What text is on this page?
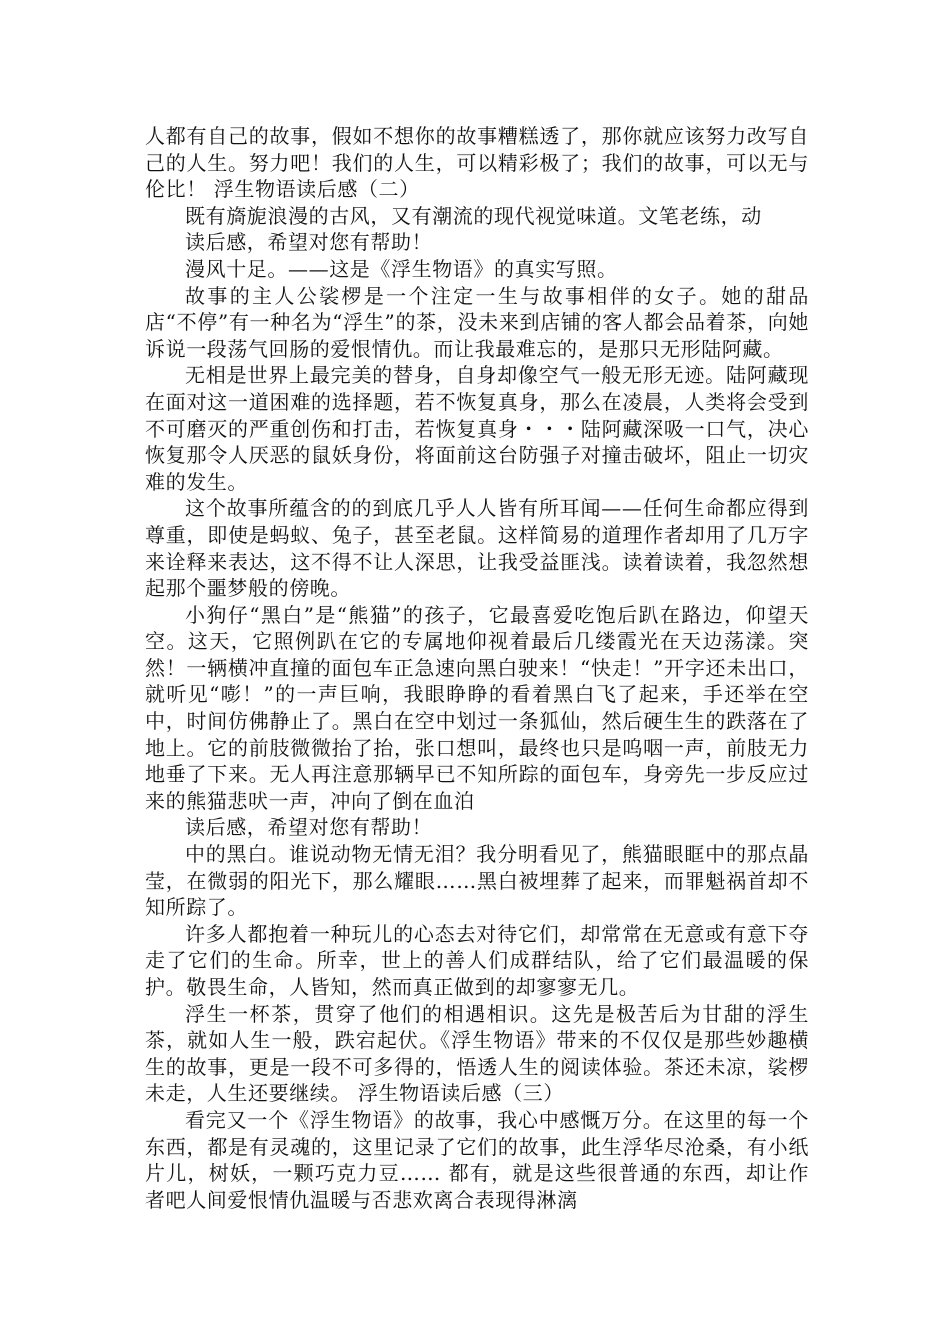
人都有自己的故事，假如不想你的故事糟糕透了，那你就应该努力改写自己的人生。努力吧！我们的人生，可以精彩极了；我们的故事，可以无与伦比！ 浮生物语读后感（二）

既有旖旎浪漫的古风，又有潮流的现代视觉味道。文笔老练，动

读后感，希望对您有帮助！

漫风十足。——这是《浮生物语》的真实写照。

故事的主人公裟椤是一个注定一生与故事相伴的女子。她的甜品店“不停”有一种名为“浮生”的茶，没未来到店铺的客人都会品着茶，向她诉说一段荡气回肠的爱恨情仇。而让我最难忘的，是那只无形陆阿藏。

无相是世界上最完美的替身，自身却像空气一般无形无迹。陆阿藏现在面对这一道困难的选择题，若不恢复真身，那么在凌晨，人类将会受到不可磨灭的严重创伤和打击，若恢复真身・・・陆阿藏深吸一口气，决心恢复那令人厌恶的鼠妖身份，将面前这台防强子对撞击破坏，阻止一切灾难的发生。

这个故事所蕴含的的到底几乎人人皆有所耳闻——任何生命都应得到尊重，即使是蚂蚁、兔子，甚至老鼠。这样简易的道理作者却用了几万字来诠释来表达，这不得不让人深思，让我受益匪浅。读着读着，我忽然想起那个噩梦般的傍晚。

小狗仔“黑白”是“熊猫”的孩子，它最喜爱吃饱后趴在路边，仰望天空。这天，它照例趴在它的专属地仰视着最后几缕霞光在天边荡漾。突然！一辆横冲直撞的面包车正急速向黑白驶来！“快走！”开字还未出口，就听见“嘭！”的一声巨响，我眼睁睁的看着黑白飞了起来，手还举在空中，时间仿佛静止了。黑白在空中划过一条狐仙，然后硬生生的跌落在了地上。它的前肢微微抬了抬，张口想叫，最终也只是呜咽一声，前肢无力地垂了下来。无人再注意那辆早已不知所踪的面包车，身旁先一步反应过来的熊猫悲吠一声，冲向了倒在血泊

读后感，希望对您有帮助！

中的黑白。谁说动物无情无泪？我分明看见了，熊猫眼眶中的那点晶莹，在微弱的阳光下，那么耀眼……黑白被埋葬了起来，而罪魁祸首却不知所踪了。

许多人都抱着一种玩儿的心态去对待它们，却常常在无意或有意下夺走了它们的生命。所幸，世上的善人们成群结队，给了它们最温暖的保护。敬畏生命，人皆知，然而真正做到的却寥寥无几。

浮生一杯茶，贯穿了他们的相遇相识。这先是极苦后为甘甜的浮生茶，就如人生一般，跌宕起伏。《浮生物语》带来的不仅仅是那些妙趣横生的故事，更是一段不可多得的，悟透人生的阅读体验。茶还未凉，裟椤未走，人生还要继续。 浮生物语读后感（三）

看完又一个《浮生物语》的故事，我心中感慨万分。在这里的每一个东西，都是有灵魂的，这里记录了它们的故事，此生浮华尽沧桑，有小纸片儿，树妖，一颗巧克力豆…… 都有，就是这些很普通的东西，却让作者吧人间爱恨情仇温暖与否悲欢离合表现得淋漓
